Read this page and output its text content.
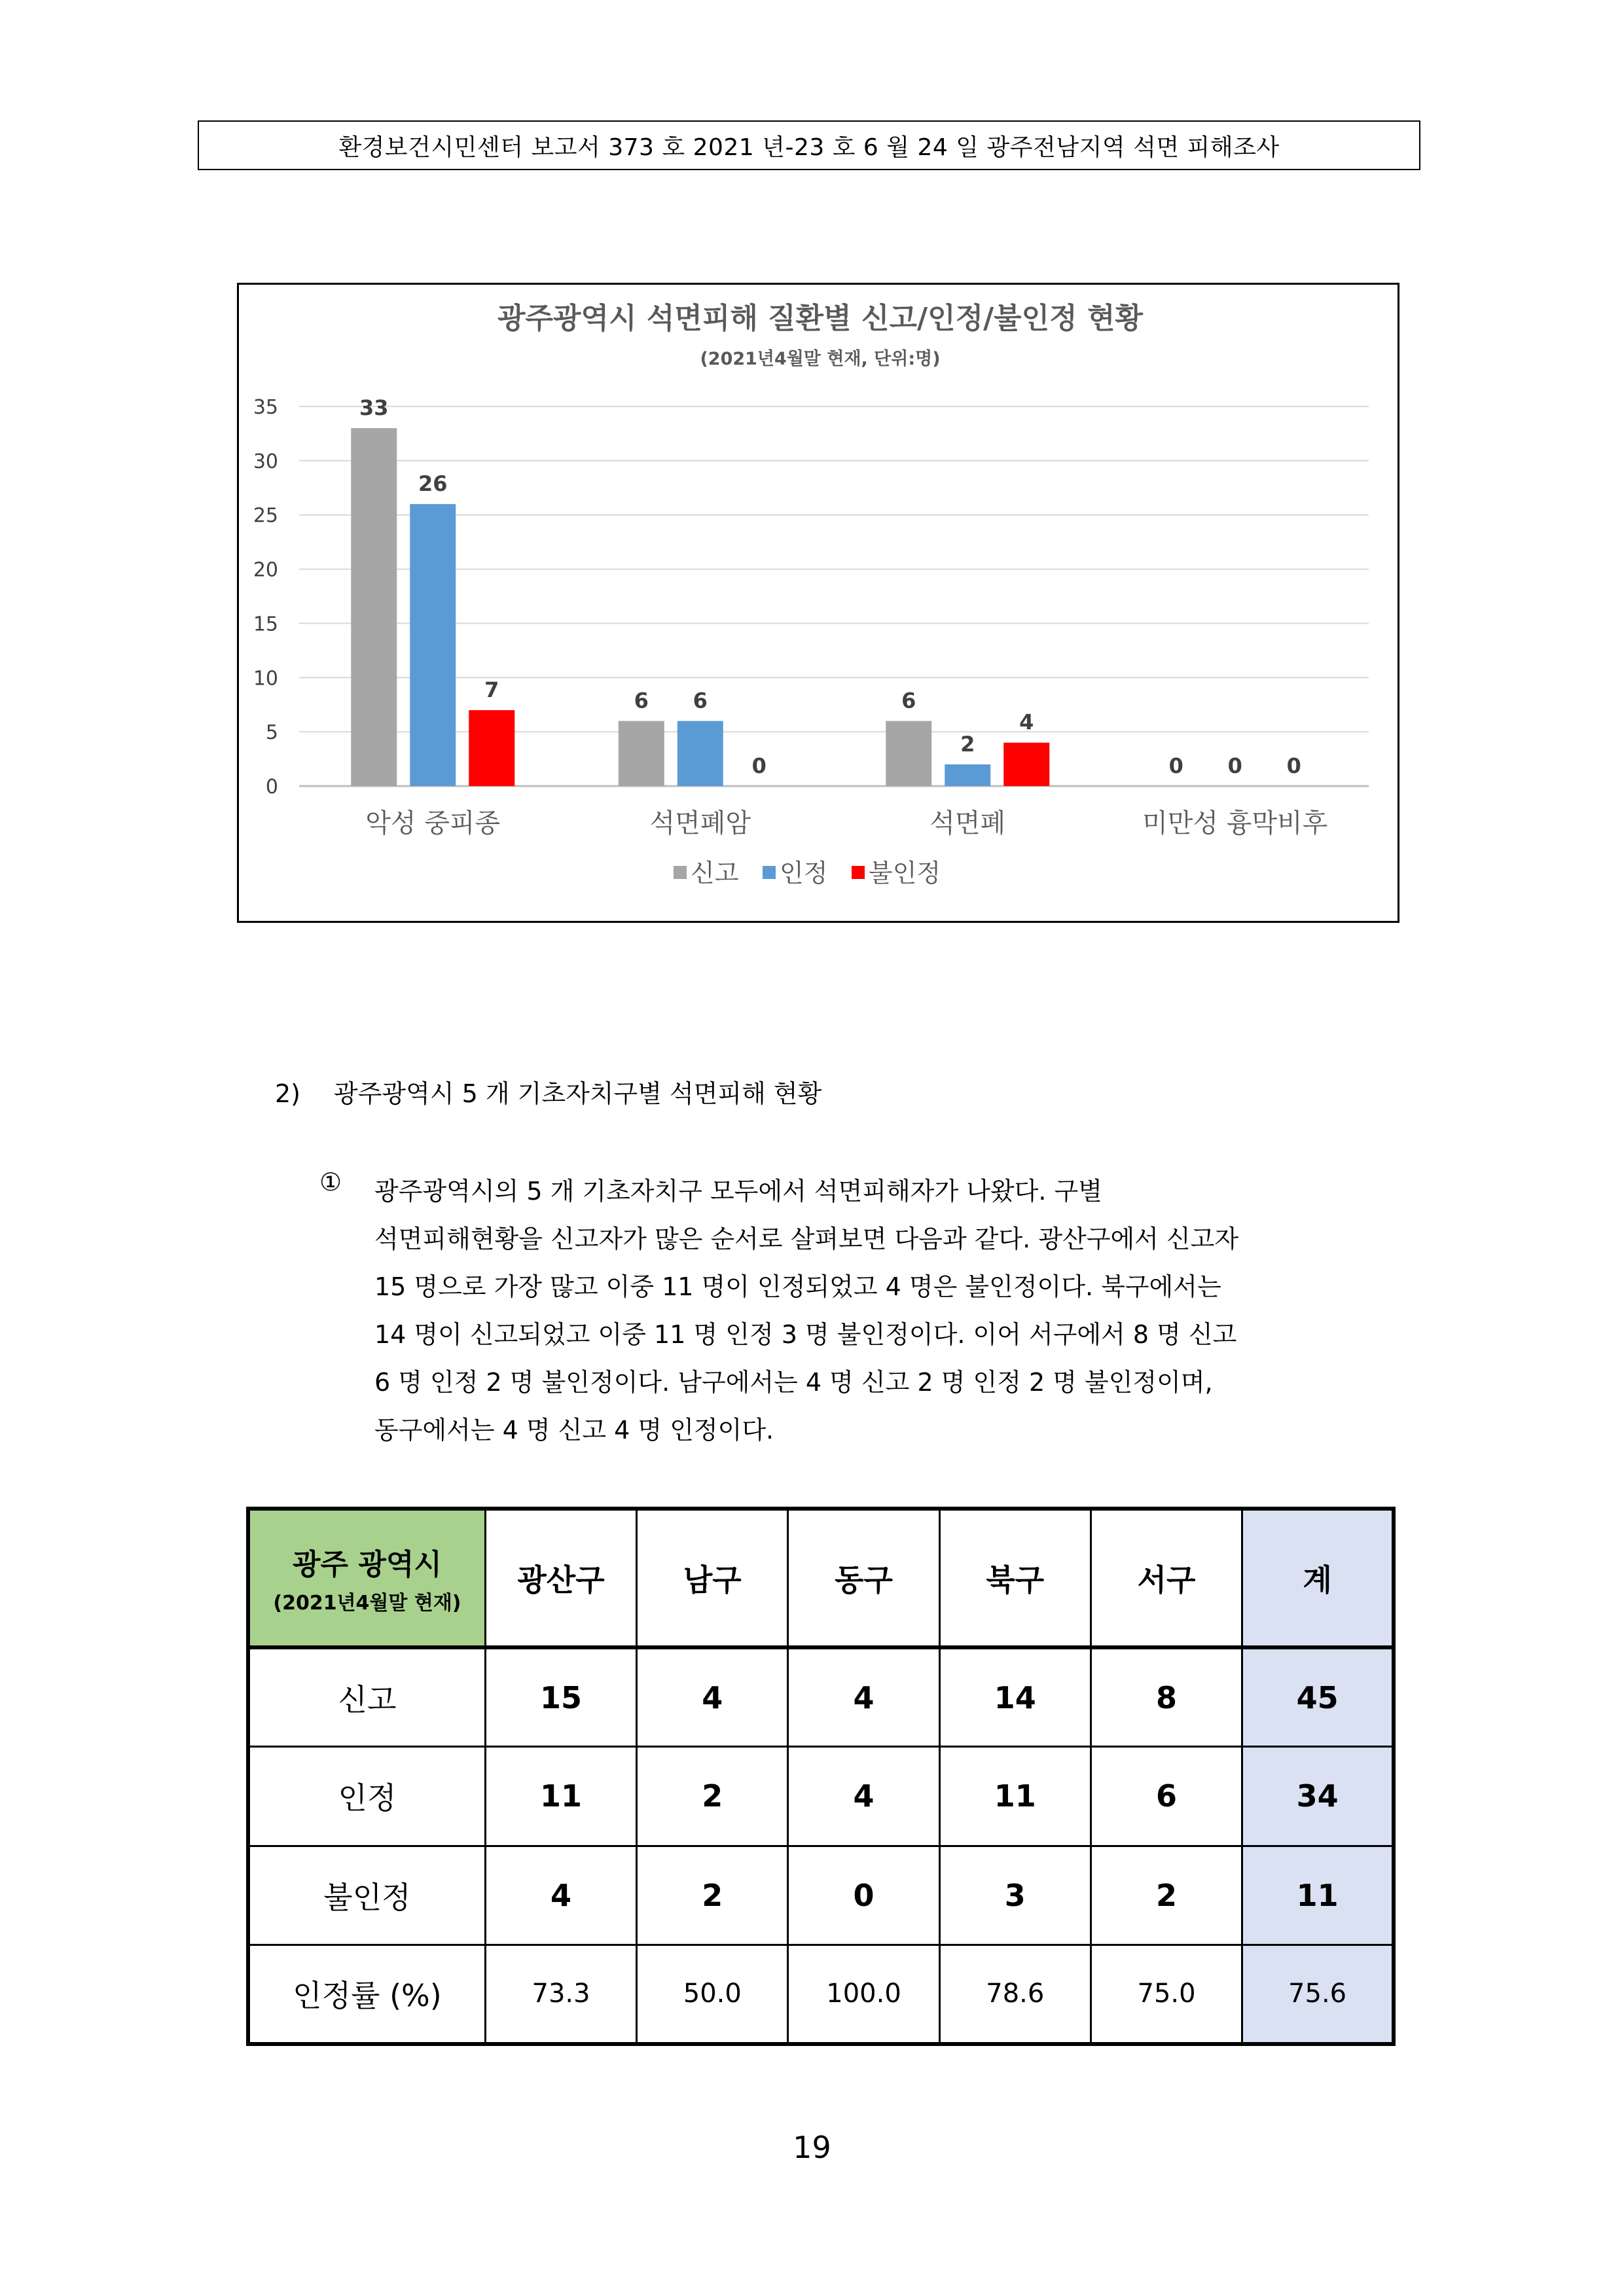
환경보건시민센터 보고서 373 호 2021 년-23 호 6 월 24 일 광주전남지역 석면 피해조사
광주광역시 석면피해 질환별 신고/인정/불인정 현황
(2021년4월말 현재, 단위:명)
0
5
10
15
20
25
30
35	33
26
7	6 6
0
6
2
4
0 0 0
악성 중피종	석면폐암	석면폐	미만성 흉막비후
신고 인정 불인정
2) 광주광역시 5 개 기초자치구별 석면피해 현황
① 광주광역시의 5 개 기초자치구 모두에서 석면피해자가 나왔다. 구별
석면피해현황을 신고자가 많은 순서로 살펴보면 다음과 같다. 광산구에서 신고자
15 명으로 가장 많고 이중 11 명이 인정되었고 4 명은 불인정이다. 북구에서는
14 명이 신고되었고 이중 11 명 인정 3 명 불인정이다. 이어 서구에서 8 명 신고
6 명 인정 2 명 불인정이다. 남구에서는 4 명 신고 2 명 인정 2 명 불인정이며,
동구에서는 4 명 신고 4 명 인정이다.
광주 광역시
(2021년4월말 현재)	광산구	남구	동구	북구	서구	계
신고	15	4	4	14	8	45
인정	11	2	4	11	6	34
불인정	4	2	0	3	2	11
인정률 (%)	73.3	50.0	100.0	78.6	75.0	75.6
19
